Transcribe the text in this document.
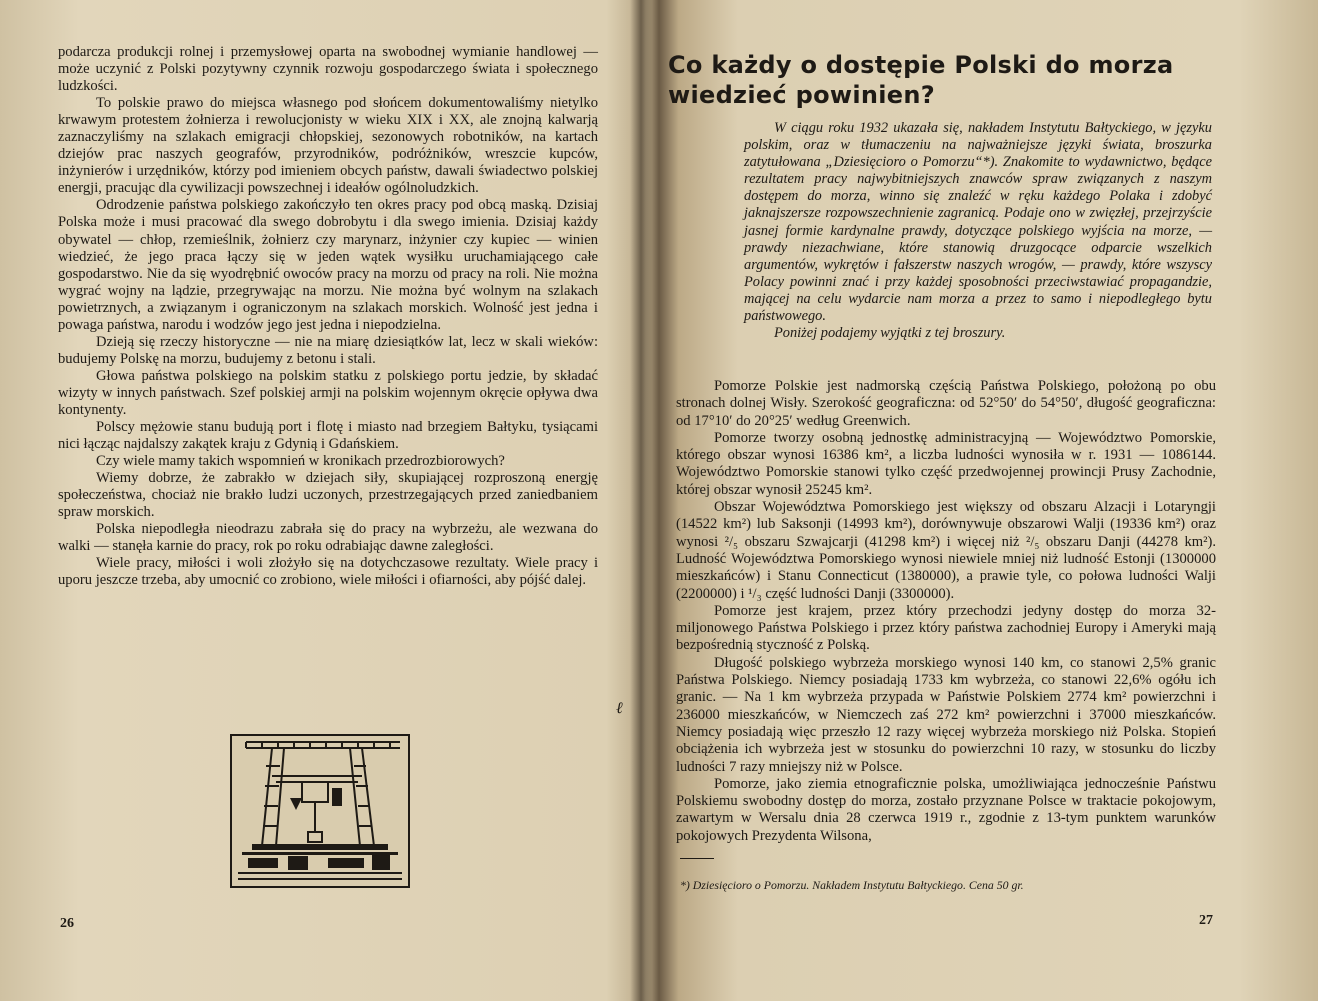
podarcza produkcji rolnej i przemysłowej oparta na swobodnej wymianie handlowej — może uczynić z Polski pozytywny czynnik rozwoju gospodarczego świata i społecznego ludzkości.

To polskie prawo do miejsca własnego pod słońcem dokumentowaliśmy nietylko krwawym protestem żołnierza i rewolucjonisty w wieku XIX i XX, ale znojną kalwarją zaznaczyliśmy na szlakach emigracji chłopskiej, sezonowych robotników, na kartach dziejów prac naszych geografów, przyrodników, podróżników, wreszcie kupców, inżynierów i urzędników, którzy pod imieniem obcych państw, dawali świadectwo polskiej energji, pracując dla cywilizacji powszechnej i ideałów ogólnoludzkich.

Odrodzenie państwa polskiego zakończyło ten okres pracy pod obcą maską. Dzisiaj Polska może i musi pracować dla swego dobrobytu i dla swego imienia. Dzisiaj każdy obywatel — chłop, rzemieślnik, żołnierz czy marynarz, inżynier czy kupiec — winien wiedzieć, że jego praca łączy się w jeden wątek wysiłku uruchamiającego całe gospodarstwo. Nie da się wyodrębnić owoców pracy na morzu od pracy na roli. Nie można wygrać wojny na lądzie, przegrywając na morzu. Nie można być wolnym na szlakach powietrznych, a związanym i ograniczonym na szlakach morskich. Wolność jest jedna i powaga państwa, narodu i wodzów jego jest jedna i niepodzielna.

Dzieją się rzeczy historyczne — nie na miarę dziesiątków lat, lecz w skali wieków: budujemy Polskę na morzu, budujemy z betonu i stali.

Głowa państwa polskiego na polskim statku z polskiego portu jedzie, by składać wizyty w innych państwach. Szef polskiej armji na polskim wojennym okręcie opływa dwa kontynenty.

Polscy mężowie stanu budują port i flotę i miasto nad brzegiem Bałtyku, tysiącami nici łącząc najdalszy zakątek kraju z Gdynią i Gdańskiem.

Czy wiele mamy takich wspomnień w kronikach przedrozbiorowych?

Wiemy dobrze, że zabrakło w dziejach siły, skupiającej rozproszoną energję społeczeństwa, chociaż nie brakło ludzi uczonych, przestrzegających przed zaniedbaniem spraw morskich.

Polska niepodległa nieodrazu zabrała się do pracy na wybrzeżu, ale wezwana do walki — stanęła karnie do pracy, rok po roku odrabiając dawne zaległości.

Wiele pracy, miłości i woli złożyło się na dotychczasowe rezultaty. Wiele pracy i uporu jeszcze trzeba, aby umocnić co zrobiono, wiele miłości i ofiarności, aby pójść dalej.

26
ℓ
Co każdy o dostępie Polski do morza wiedzieć powinien?

W ciągu roku 1932 ukazała się, nakładem Instytutu Bałtyckiego, w języku polskim, oraz w tłumaczeniu na najważniejsze języki świata, broszurka zatytułowana „Dziesięcioro o Pomorzu“*). Znakomite to wydawnictwo, będące rezultatem pracy najwybitniejszych znawców spraw związanych z naszym dostępem do morza, winno się znaleźć w ręku każdego Polaka i zdobyć jaknajszersze rozpowszechnienie zagranicą. Podaje ono w zwięzłej, przejrzyście jasnej formie kardynalne prawdy, dotyczące polskiego wyjścia na morze, — prawdy niezachwiane, które stanowią druzgocące odparcie wszelkich argumentów, wykrętów i fałszerstw naszych wrogów, — prawdy, które wszyscy Polacy powinni znać i przy każdej sposobności przeciwstawiać propagandzie, mającej na celu wydarcie nam morza a przez to samo i niepodległego bytu państwowego.

Poniżej podajemy wyjątki z tej broszury.

Pomorze Polskie jest nadmorską częścią Państwa Polskiego, położoną po obu stronach dolnej Wisły. Szerokość geograficzna: od 52°50′ do 54°50′, długość geograficzna: od 17°10′ do 20°25′ według Greenwich.

Pomorze tworzy osobną jednostkę administracyjną — Województwo Pomorskie, którego obszar wynosi 16386 km², a liczba ludności wynosiła w r. 1931 — 1086144. Województwo Pomorskie stanowi tylko część przedwojennej prowincji Prusy Zachodnie, której obszar wynosił 25245 km².

Obszar Województwa Pomorskiego jest większy od obszaru Alzacji i Lotaryngji (14522 km²) lub Saksonji (14993 km²), dorównywuje obszarowi Walji (19336 km²) oraz wynosi ²/₅ obszaru Szwajcarji (41298 km²) i więcej niż ²/₅ obszaru Danji (44278 km²). Ludność Województwa Pomorskiego wynosi niewiele mniej niż ludność Estonji (1300000 mieszkańców) i Stanu Connecticut (1380000), a prawie tyle, co połowa ludności Walji (2200000) i ¹/₃ część ludności Danji (3300000).

Pomorze jest krajem, przez który przechodzi jedyny dostęp do morza 32-miljonowego Państwa Polskiego i przez który państwa zachodniej Europy i Ameryki mają bezpośrednią styczność z Polską.

Długość polskiego wybrzeża morskiego wynosi 140 km, co stanowi 2,5% granic Państwa Polskiego. Niemcy posiadają 1733 km wybrzeża, co stanowi 22,6% ogółu ich granic. — Na 1 km wybrzeża przypada w Państwie Polskiem 2774 km² powierzchni i 236000 mieszkańców, w Niemczech zaś 272 km² powierzchni i 37000 mieszkańców. Niemcy posiadają więc przeszło 12 razy więcej wybrzeża morskiego niż Polska. Stopień obciążenia ich wybrzeża jest w stosunku do powierzchni 10 razy, w stosunku do liczby ludności 7 razy mniejszy niż w Polsce.

Pomorze, jako ziemia etnograficznie polska, umożliwiająca jednocześnie Państwu Polskiemu swobodny dostęp do morza, zostało przyznane Polsce w traktacie pokojowym, zawartym w Wersalu dnia 28 czerwca 1919 r., zgodnie z 13-tym punktem warunków pokojowych Prezydenta Wilsona,

*) Dziesięcioro o Pomorzu. Nakładem Instytutu Bałtyckiego. Cena 50 gr.
27
